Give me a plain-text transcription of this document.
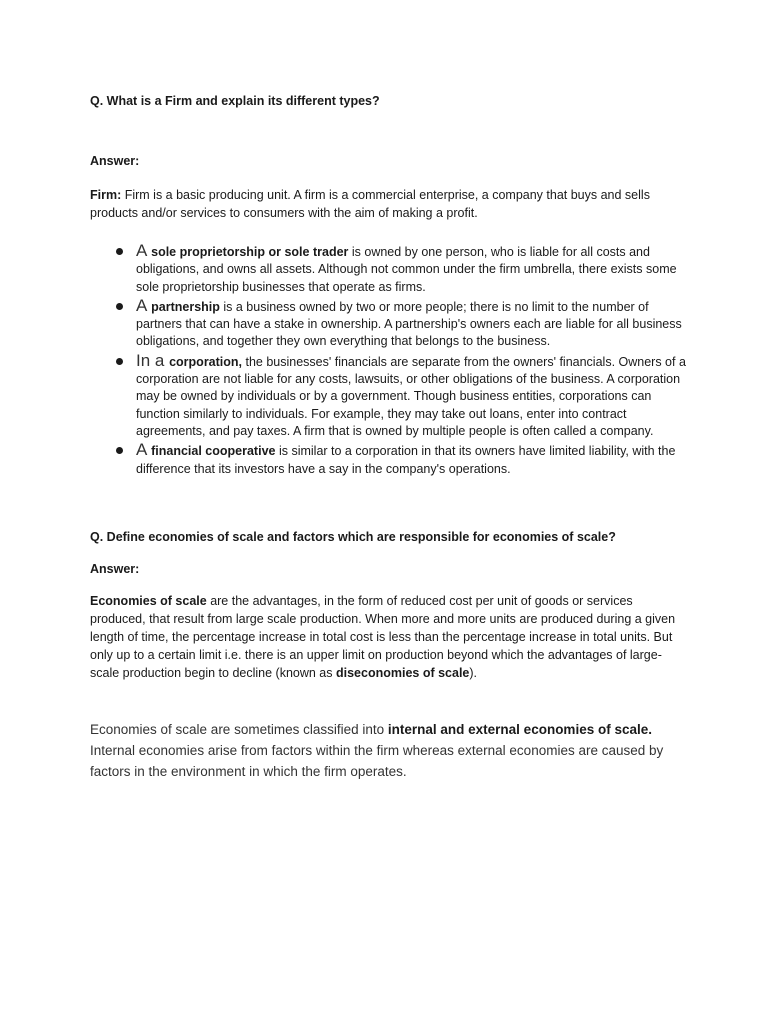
Q. What is a Firm and explain its different types?

Answer:

Firm: Firm is a basic producing unit. A firm is a commercial enterprise, a company that buys and sells products and/or services to consumers with the aim of making a profit.

A sole proprietorship or sole trader is owned by one person, who is liable for all costs and obligations, and owns all assets. Although not common under the firm umbrella, there exists some sole proprietorship businesses that operate as firms.
A partnership is a business owned by two or more people; there is no limit to the number of partners that can have a stake in ownership. A partnership's owners each are liable for all business obligations, and together they own everything that belongs to the business.
In a corporation, the businesses' financials are separate from the owners' financials. Owners of a corporation are not liable for any costs, lawsuits, or other obligations of the business. A corporation may be owned by individuals or by a government. Though business entities, corporations can function similarly to individuals. For example, they may take out loans, enter into contract agreements, and pay taxes. A firm that is owned by multiple people is often called a company.
A financial cooperative is similar to a corporation in that its owners have limited liability, with the difference that its investors have a say in the company's operations.

Q. Define economies of scale and factors which are responsible for economies of scale?

Answer:

Economies of scale are the advantages, in the form of reduced cost per unit of goods or services produced, that result from large scale production. When more and more units are produced during a given length of time, the percentage increase in total cost is less than the percentage increase in total units. But only up to a certain limit i.e. there is an upper limit on production beyond which the advantages of large-scale production begin to decline (known as diseconomies of scale).

Economies of scale are sometimes classified into internal and external economies of scale. Internal economies arise from factors within the firm whereas external economies are caused by factors in the environment in which the firm operates.
